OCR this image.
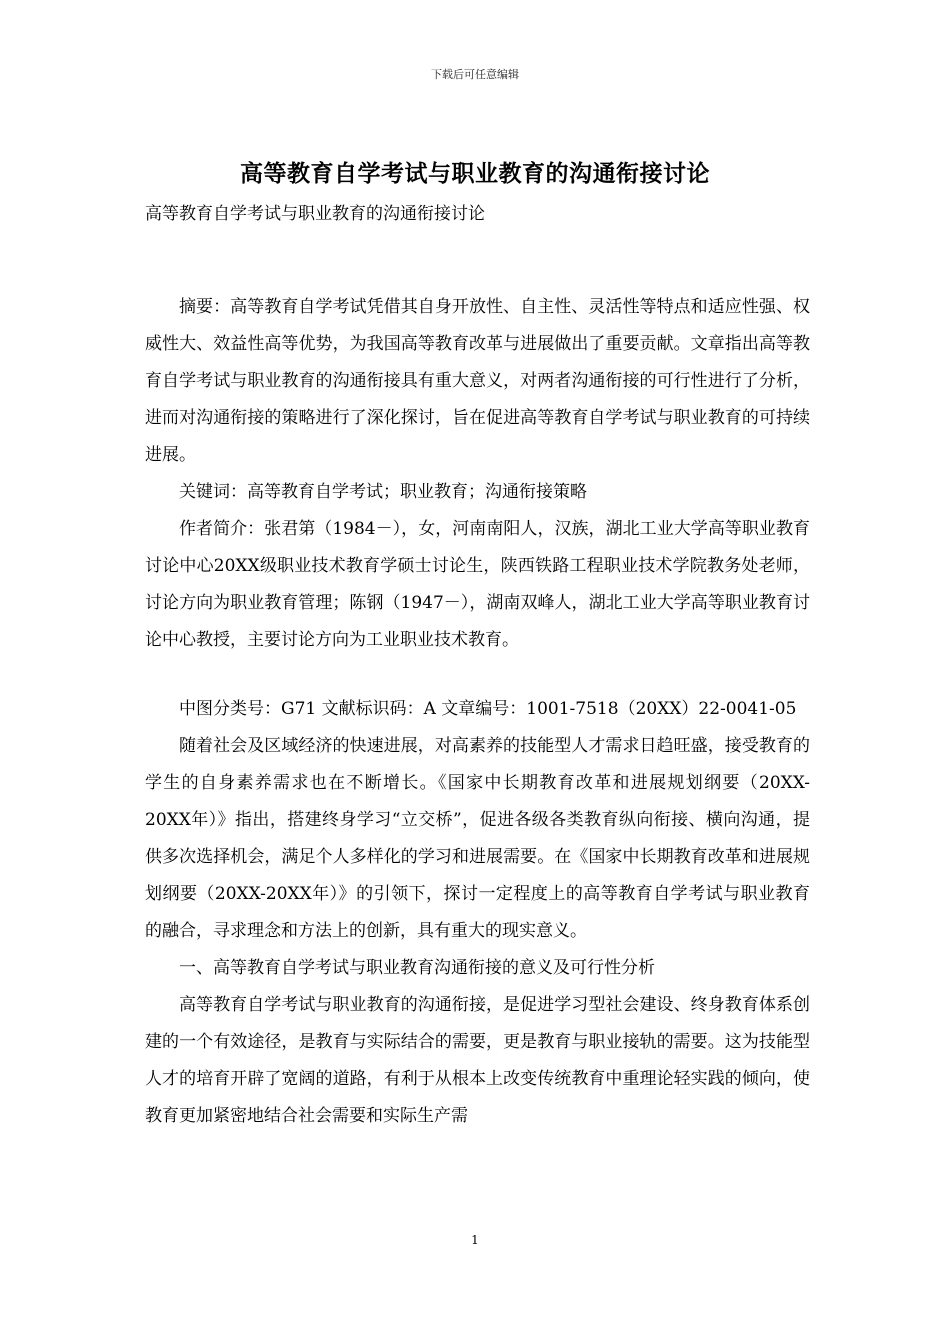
下载后可任意编辑
高等教育自学考试与职业教育的沟通衔接讨论

高等教育自学考试与职业教育的沟通衔接讨论

摘要：高等教育自学考试凭借其自身开放性、自主性、灵活性等特点和适应性强、权威性大、效益性高等优势，为我国高等教育改革与进展做出了重要贡献。文章指出高等教育自学考试与职业教育的沟通衔接具有重大意义，对两者沟通衔接的可行性进行了分析，进而对沟通衔接的策略进行了深化探讨，旨在促进高等教育自学考试与职业教育的可持续进展。

关键词：高等教育自学考试；职业教育；沟通衔接策略

作者简介：张君第（1984－），女，河南南阳人，汉族，湖北工业大学高等职业教育讨论中心20XX级职业技术教育学硕士讨论生，陕西铁路工程职业技术学院教务处老师，讨论方向为职业教育管理；陈钢（1947－），湖南双峰人，湖北工业大学高等职业教育讨论中心教授，主要讨论方向为工业职业技术教育。

中图分类号：G71 文献标识码：A 文章编号：1001-7518（20XX）22-0041-05

随着社会及区域经济的快速进展，对高素养的技能型人才需求日趋旺盛，接受教育的学生的自身素养需求也在不断增长。《国家中长期教育改革和进展规划纲要（20XX-20XX年）》指出，搭建终身学习“立交桥”，促进各级各类教育纵向衔接、横向沟通，提供多次选择机会，满足个人多样化的学习和进展需要。在《国家中长期教育改革和进展规划纲要（20XX-20XX年）》的引领下，探讨一定程度上的高等教育自学考试与职业教育的融合，寻求理念和方法上的创新，具有重大的现实意义。

一、高等教育自学考试与职业教育沟通衔接的意义及可行性分析

高等教育自学考试与职业教育的沟通衔接，是促进学习型社会建设、终身教育体系创建的一个有效途径，是教育与实际结合的需要，更是教育与职业接轨的需要。这为技能型人才的培育开辟了宽阔的道路，有利于从根本上改变传统教育中重理论轻实践的倾向，使教育更加紧密地结合社会需要和实际生产需

1
